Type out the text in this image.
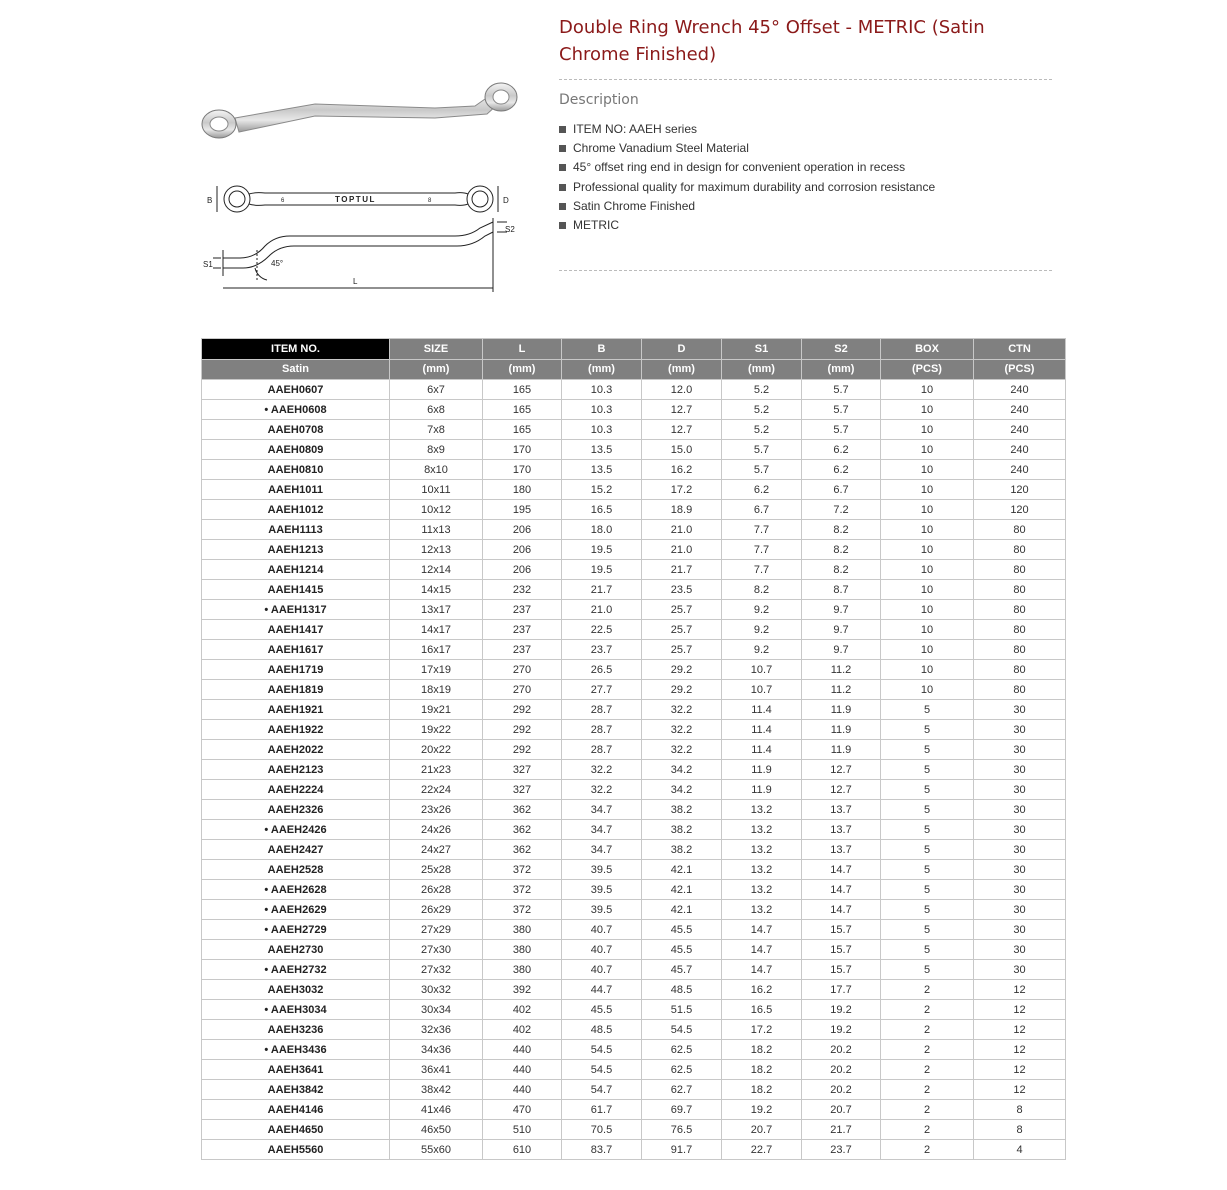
B	D
6	8
TOPTUL
S1
S2
L
45°
Double Ring Wrench 45° Offset - METRIC (Satin Chrome Finished)
Description
ITEM NO: AAEH series
Chrome Vanadium Steel Material
45° offset ring end in design for convenient operation in recess
Professional quality for maximum durability and corrosion resistance
Satin Chrome Finished
METRIC
ITEM NO.	SIZE	L	B	D	S1	S2	BOX	CTN
Satin	(mm)	(mm)	(mm)	(mm)	(mm)	(mm)	(PCS)	(PCS)
AAEH0607	6x7	165	10.3	12.0	5.2	5.7	10	240
• AAEH0608	6x8	165	10.3	12.7	5.2	5.7	10	240
AAEH0708	7x8	165	10.3	12.7	5.2	5.7	10	240
AAEH0809	8x9	170	13.5	15.0	5.7	6.2	10	240
AAEH0810	8x10	170	13.5	16.2	5.7	6.2	10	240
AAEH1011	10x11	180	15.2	17.2	6.2	6.7	10	120
AAEH1012	10x12	195	16.5	18.9	6.7	7.2	10	120
AAEH1113	11x13	206	18.0	21.0	7.7	8.2	10	80
AAEH1213	12x13	206	19.5	21.0	7.7	8.2	10	80
AAEH1214	12x14	206	19.5	21.7	7.7	8.2	10	80
AAEH1415	14x15	232	21.7	23.5	8.2	8.7	10	80
• AAEH1317	13x17	237	21.0	25.7	9.2	9.7	10	80
AAEH1417	14x17	237	22.5	25.7	9.2	9.7	10	80
AAEH1617	16x17	237	23.7	25.7	9.2	9.7	10	80
AAEH1719	17x19	270	26.5	29.2	10.7	11.2	10	80
AAEH1819	18x19	270	27.7	29.2	10.7	11.2	10	80
AAEH1921	19x21	292	28.7	32.2	11.4	11.9	5	30
AAEH1922	19x22	292	28.7	32.2	11.4	11.9	5	30
AAEH2022	20x22	292	28.7	32.2	11.4	11.9	5	30
AAEH2123	21x23	327	32.2	34.2	11.9	12.7	5	30
AAEH2224	22x24	327	32.2	34.2	11.9	12.7	5	30
AAEH2326	23x26	362	34.7	38.2	13.2	13.7	5	30
• AAEH2426	24x26	362	34.7	38.2	13.2	13.7	5	30
AAEH2427	24x27	362	34.7	38.2	13.2	13.7	5	30
AAEH2528	25x28	372	39.5	42.1	13.2	14.7	5	30
• AAEH2628	26x28	372	39.5	42.1	13.2	14.7	5	30
• AAEH2629	26x29	372	39.5	42.1	13.2	14.7	5	30
• AAEH2729	27x29	380	40.7	45.5	14.7	15.7	5	30
AAEH2730	27x30	380	40.7	45.5	14.7	15.7	5	30
• AAEH2732	27x32	380	40.7	45.7	14.7	15.7	5	30
AAEH3032	30x32	392	44.7	48.5	16.2	17.7	2	12
• AAEH3034	30x34	402	45.5	51.5	16.5	19.2	2	12
AAEH3236	32x36	402	48.5	54.5	17.2	19.2	2	12
• AAEH3436	34x36	440	54.5	62.5	18.2	20.2	2	12
AAEH3641	36x41	440	54.5	62.5	18.2	20.2	2	12
AAEH3842	38x42	440	54.7	62.7	18.2	20.2	2	12
AAEH4146	41x46	470	61.7	69.7	19.2	20.7	2	8
AAEH4650	46x50	510	70.5	76.5	20.7	21.7	2	8
AAEH5560	55x60	610	83.7	91.7	22.7	23.7	2	4
